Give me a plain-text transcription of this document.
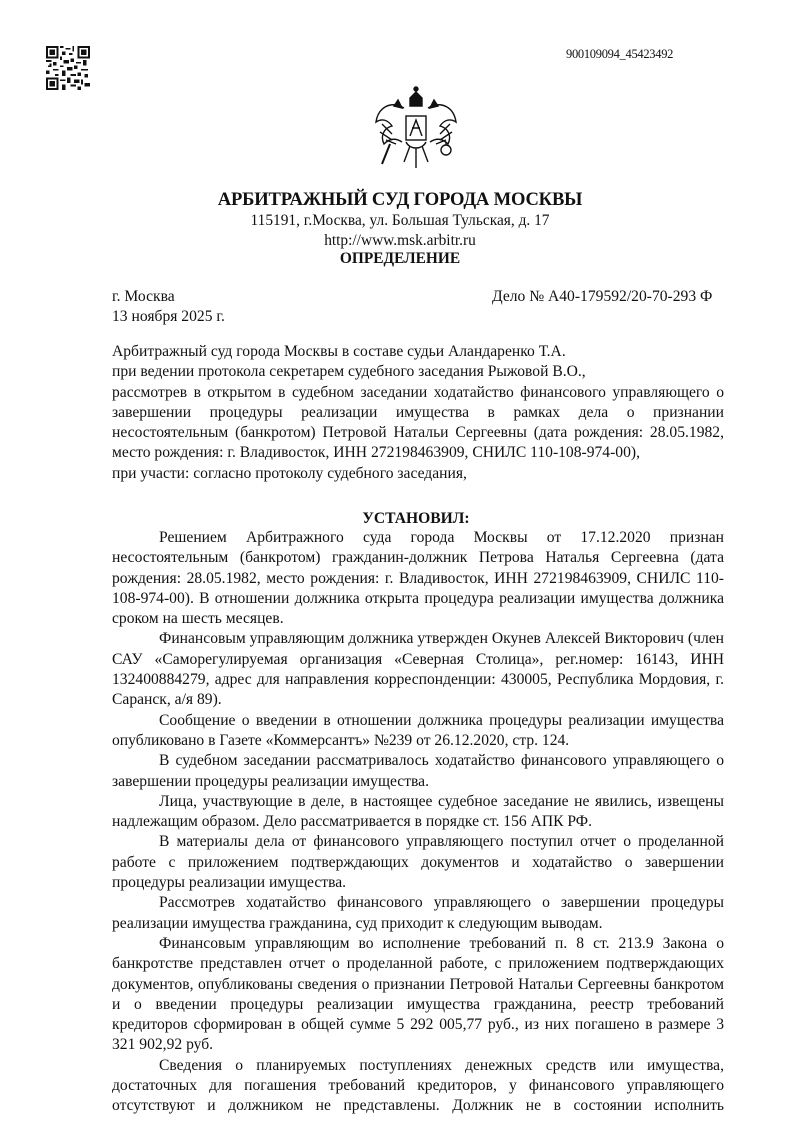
900109094_45423492
АРБИТРАЖНЫЙ СУД ГОРОДА МОСКВЫ
115191, г.Москва, ул. Большая Тульская, д. 17
http://www.msk.arbitr.ru
ОПРЕДЕЛЕНИЕ
г. Москва
13 ноября 2025 г.
Дело № А40-179592/20-70-293 Ф

Арбитражный суд города Москвы в составе судьи Аландаренко Т.А.

при ведении протокола секретарем судебного заседания Рыжовой В.О.,

рассмотрев в открытом в судебном заседании ходатайство финансового управляющего о завершении процедуры реализации имущества в рамках дела о признании несостоятельным (банкротом) Петровой Натальи Сергеевны (дата рождения: 28.05.1982, место рождения: г. Владивосток, ИНН 272198463909, СНИЛС 110-108-974-00),

при участи: согласно протоколу судебного заседания,

УСТАНОВИЛ:

Решением Арбитражного суда города Москвы от 17.12.2020 признан несостоятельным (банкротом) гражданин-должник Петрова Наталья Сергеевна (дата рождения: 28.05.1982, место рождения: г. Владивосток, ИНН 272198463909, СНИЛС 110-108-974-00). В отношении должника открыта процедура реализации имущества должника сроком на шесть месяцев.

Финансовым управляющим должника утвержден Окунев Алексей Викторович (член САУ «Саморегулируемая организация «Северная Столица», рег.номер: 16143, ИНН 132400884279, адрес для направления корреспонденции: 430005, Республика Мордовия, г. Саранск, а/я 89).

Сообщение о введении в отношении должника процедуры реализации имущества опубликовано в Газете «Коммерсантъ» №239 от 26.12.2020, стр. 124.

В судебном заседании рассматривалось ходатайство финансового управляющего о завершении процедуры реализации имущества.

Лица, участвующие в деле, в настоящее судебное заседание не явились, извещены надлежащим образом. Дело рассматривается в порядке ст. 156 АПК РФ.

В материалы дела от финансового управляющего поступил отчет о проделанной работе с приложением подтверждающих документов и ходатайство о завершении процедуры реализации имущества.

Рассмотрев ходатайство финансового управляющего о завершении процедуры реализации имущества гражданина, суд приходит к следующим выводам.

Финансовым управляющим во исполнение требований п. 8 ст. 213.9 Закона о банкротстве представлен отчет о проделанной работе, с приложением подтверждающих документов, опубликованы сведения о признании Петровой Натальи Сергеевны банкротом и о введении процедуры реализации имущества гражданина, реестр требований кредиторов сформирован в общей сумме 5 292 005,77 руб., из них погашено в размере 3 321 902,92 руб.

Сведения о планируемых поступлениях денежных средств или имущества, достаточных для погашения требований кредиторов, у финансового управляющего отсутствуют и должником не представлены. Должник не в состоянии исполнить
